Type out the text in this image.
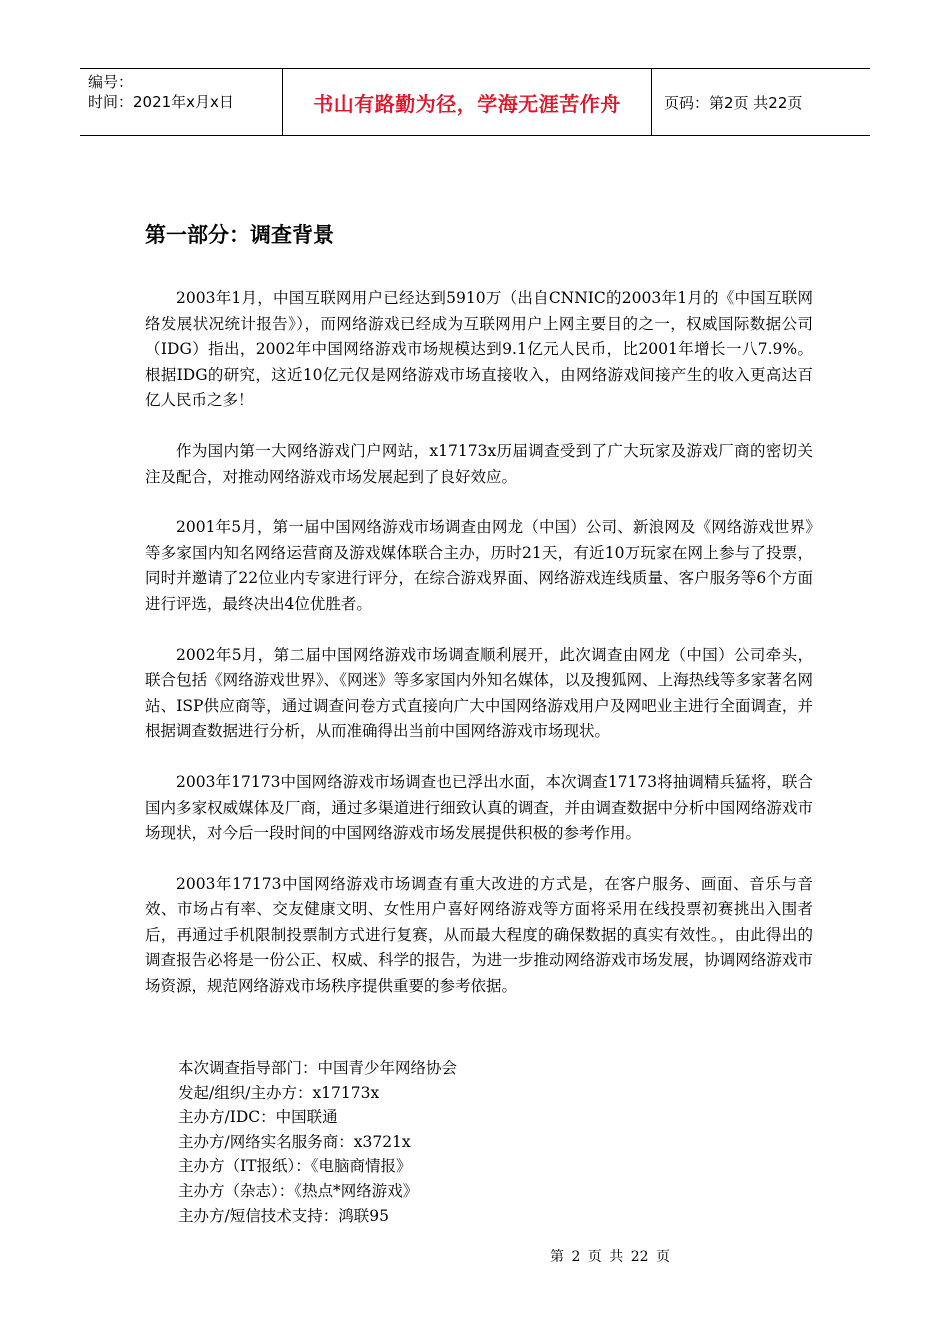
编号：
时间：2021年x月x日	书山有路勤为径，学海无涯苦作舟	页码：第2页 共22页
第一部分：调查背景

2003年1月，中国互联网用户已经达到5910万（出自CNNIC的2003年1月的《中国互联网络发展状况统计报告》），而网络游戏已经成为互联网用户上网主要目的之一，权威国际数据公司（IDG）指出，2002年中国网络游戏市场规模达到9.1亿元人民币，比2001年增长一八7.9%。根据IDG的研究，这近10亿元仅是网络游戏市场直接收入，由网络游戏间接产生的收入更高达百亿人民币之多！

作为国内第一大网络游戏门户网站，x17173x历届调查受到了广大玩家及游戏厂商的密切关注及配合，对推动网络游戏市场发展起到了良好效应。

2001年5月，第一届中国网络游戏市场调查由网龙（中国）公司、新浪网及《网络游戏世界》等多家国内知名网络运营商及游戏媒体联合主办，历时21天，有近10万玩家在网上参与了投票，同时并邀请了22位业内专家进行评分，在综合游戏界面、网络游戏连线质量、客户服务等6个方面进行评选，最终决出4位优胜者。

2002年5月，第二届中国网络游戏市场调查顺利展开，此次调查由网龙（中国）公司牵头，联合包括《网络游戏世界》、《网迷》等多家国内外知名媒体，以及搜狐网、上海热线等多家著名网站、ISP供应商等，通过调查问卷方式直接向广大中国网络游戏用户及网吧业主进行全面调查，并根据调查数据进行分析，从而准确得出当前中国网络游戏市场现状。

2003年17173中国网络游戏市场调查也已浮出水面，本次调查17173将抽调精兵猛将，联合国内多家权威媒体及厂商，通过多渠道进行细致认真的调查，并由调查数据中分析中国网络游戏市场现状，对今后一段时间的中国网络游戏市场发展提供积极的参考作用。

2003年17173中国网络游戏市场调查有重大改进的方式是，在客户服务、画面、音乐与音效、市场占有率、交友健康文明、女性用户喜好网络游戏等方面将采用在线投票初赛挑出入围者后，再通过手机限制投票制方式进行复赛，从而最大程度的确保数据的真实有效性。，由此得出的调查报告必将是一份公正、权威、科学的报告，为进一步推动网络游戏市场发展，协调网络游戏市场资源，规范网络游戏市场秩序提供重要的参考依据。

本次调查指导部门：中国青少年网络协会
发起/组织/主办方：x17173x
主办方/IDC：中国联通
主办方/网络实名服务商：x3721x
主办方（IT报纸）：《电脑商情报》
主办方（杂志）：《热点*网络游戏》
主办方/短信技术支持：鸿联95
第 2 页 共 22 页
